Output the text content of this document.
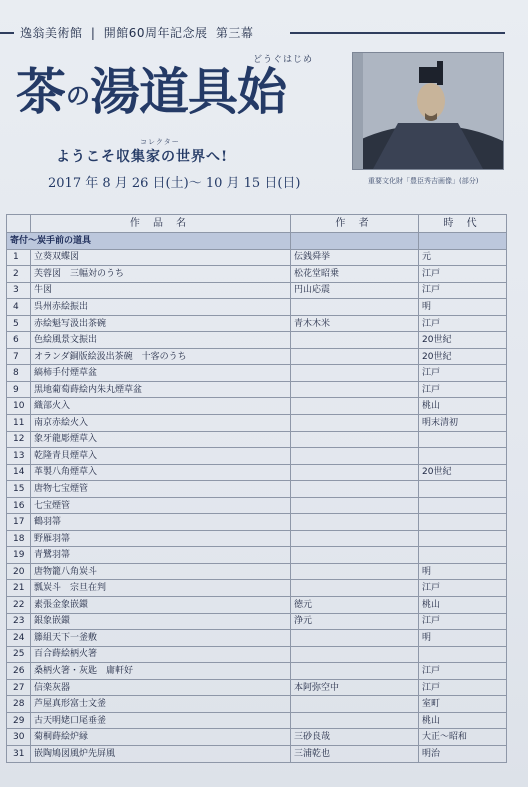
逸翁美術館 | 開館60周年記念展 第三幕
茶の湯道具始
どうぐはじめ
コレクター
ようこそ収集家の世界へ!
2017 年 8 月 26 日(土)〜 10 月 15 日(日)	重要文化財「豊臣秀吉画像」(部分)
	作 品 名	作 者	時 代
寄付〜炭手前の道具			
1	立葵双蝶図	伝銭舜挙	元
2	芙蓉図　三幅対のうち	松花堂昭乗	江戸
3	牛図	円山応震	江戸
4	呉州赤絵振出		明
5	赤絵魁写汲出茶碗	青木木米	江戸
6	色絵風景文振出		20世紀
7	オランダ銅版絵汲出茶碗　十客のうち		20世紀
8	縞柿手付煙草盆		江戸
9	黒地葡萄蒔絵内朱丸煙草盆		江戸
10	織部火入		桃山
11	南京赤絵火入		明末清初
12	象牙龍彫煙草入		
13	乾隆青貝煙草入		
14	革製八角煙草入		20世紀
15	唐物七宝煙管		
16	七宝煙管		
17	鶴羽箒		
18	野雁羽箒		
19	青鷺羽箒		
20	唐物籠八角炭斗		明
21	瓢炭斗　宗旦在判		江戸
22	素張金象嵌鐶	徳元	桃山
23	銀象嵌鐶	浄元	江戸
24	籐組天下一釜敷		明
25	百合蒔絵柄火箸		
26	桑柄火箸・灰匙　庸軒好		江戸
27	信楽灰器	本阿弥空中	江戸
28	芦屋真形富士文釜		室町
29	古天明姥口尾垂釜		桃山
30	菊桐蒔絵炉縁	三砂良哉	大正〜昭和
31	嵌陶鳩図風炉先屏風	三浦乾也	明治
